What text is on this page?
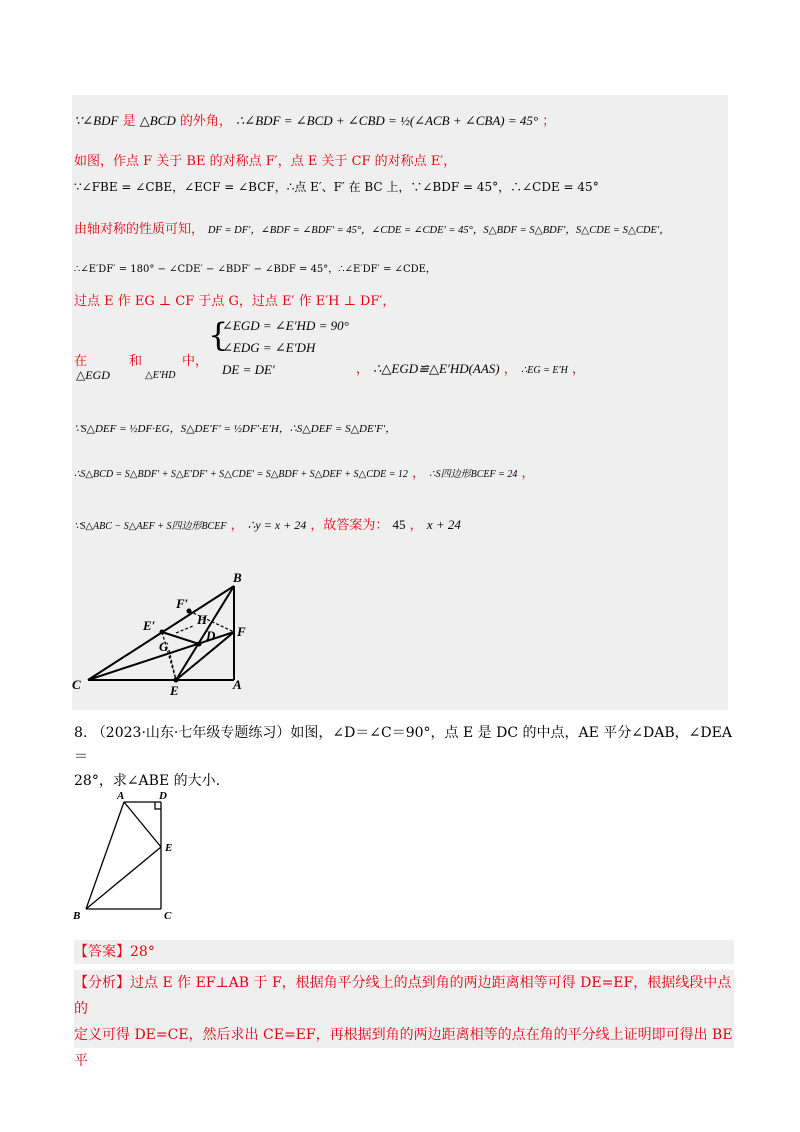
∵∠BDF 是 △BCD 的外角， ∴∠BDF = ∠BCD + ∠CBD = ½(∠ACB + ∠CBA) = 45° ；
如图，作点 F 关于 BE 的对称点 F′，点 E 关于 CF 的对称点 E′，
∵∠FBE = ∠CBE，∠ECF = ∠BCF，∴点 E′、F′ 在 BC 上，∵∠BDF = 45°，∴∠CDE = 45°
由轴对称的性质可知， DF = DF′，∠BDF = ∠BDF′ = 45°，∠CDE = ∠CDE′ = 45°，S△BDF = S△BDF′，S△CDE = S△CDE′，
∴∠E′DF′ = 180° − ∠CDE′ − ∠BDF′ − ∠BDF = 45°，∴∠E′DF′ = ∠CDE，
过点 E 作 EG ⊥ CF 于点 G，过点 E′ 作 E′H ⊥ DF′，
在	和	中，
△EGD	△E′HD
{
∠EGD = ∠E′HD = 90°
∠EDG = ∠E′DH
DE = DE′	， ∴△EGD≌△E′HD(AAS) ， ∴EG = E′H ，
∵S△DEF = ½DF·EG，S△DE′F′ = ½DF′·E′H，∴S△DEF = S△DE′F′，
∴S△BCD = S△BDF′ + S△E′DF′ + S△CDE′ = S△BDF + S△DEF + S△CDE = 12 ， ∴S四边形BCEF = 24 ，
∵S△ABC − S△AEF + S四边形BCEF ， ∴y = x + 24 ，故答案为： 45 ， x + 24
B
F′
H
E′
D F
G
C	E	A
8. （2023·山东·七年级专题练习）如图，∠D＝∠C＝90°，点 E 是 DC 的中点，AE 平分∠DAB，∠DEA＝
28°，求∠ABE 的大小.
A	D
E
B	C
【答案】28°
【分析】过点 E 作 EF⊥AB 于 F，根据角平分线上的点到角的两边距离相等可得 DE=EF，根据线段中点的
定义可得 DE=CE，然后求出 CE=EF，再根据到角的两边距离相等的点在角的平分线上证明即可得出 BE 平
